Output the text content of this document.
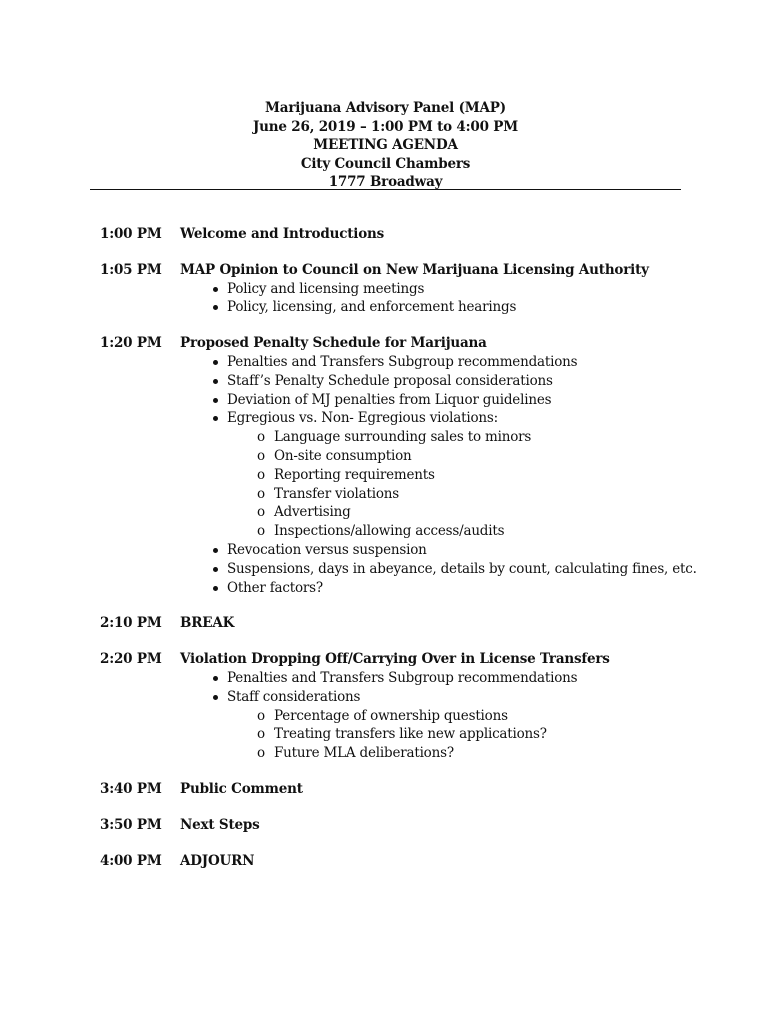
Marijuana Advisory Panel (MAP)
June 26, 2019 – 1:00 PM to 4:00 PM
MEETING AGENDA
City Council Chambers
1777 Broadway
1:00 PM	Welcome and Introductions
1:05 PM	MAP Opinion to Council on New Marijuana Licensing Authority
Policy and licensing meetings
Policy, licensing, and enforcement hearings
1:20 PM	Proposed Penalty Schedule for Marijuana
Penalties and Transfers Subgroup recommendations
Staff’s Penalty Schedule proposal considerations
Deviation of MJ penalties from Liquor guidelines
Egregious vs. Non- Egregious violations:
o Language surrounding sales to minors
o On-site consumption
o Reporting requirements
o Transfer violations
o Advertising
o Inspections/allowing access/audits
Revocation versus suspension
Suspensions, days in abeyance, details by count, calculating fines, etc.
Other factors?
2:10 PM	BREAK
2:20 PM	Violation Dropping Off/Carrying Over in License Transfers
Penalties and Transfers Subgroup recommendations
Staff considerations
o Percentage of ownership questions
o Treating transfers like new applications?
o Future MLA deliberations?
3:40 PM	Public Comment
3:50 PM	Next Steps
4:00 PM	ADJOURN
